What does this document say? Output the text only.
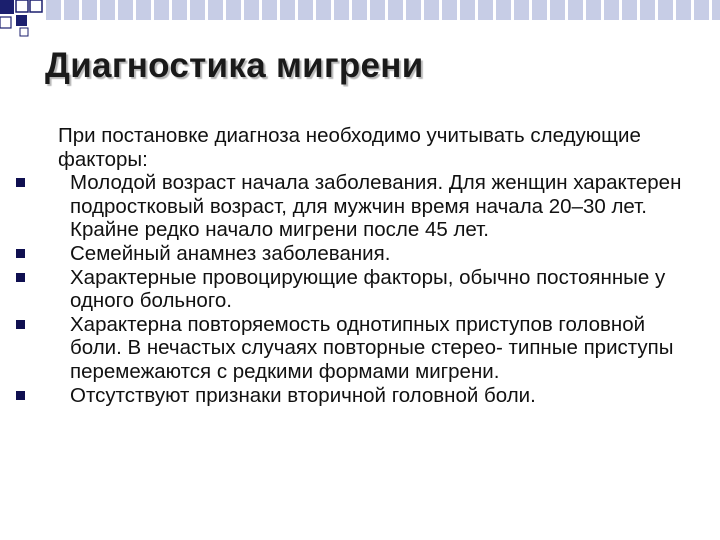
Диагностика мигрени

При постановке диагноза необходимо учитывать следующие факторы:

Молодой возраст начала заболевания. Для женщин характерен подростковый возраст, для мужчин время начала 20–30 лет. Крайне редко начало мигрени после 45 лет.
Семейный анамнез заболевания.
Характерные провоцирующие факторы, обычно постоянные у одного больного.
Характерна повторяемость однотипных приступов головной боли. В нечастых случаях повторные стерео- типные приступы перемежаются с редкими формами мигрени.
Отсутствуют признаки вторичной головной боли.
